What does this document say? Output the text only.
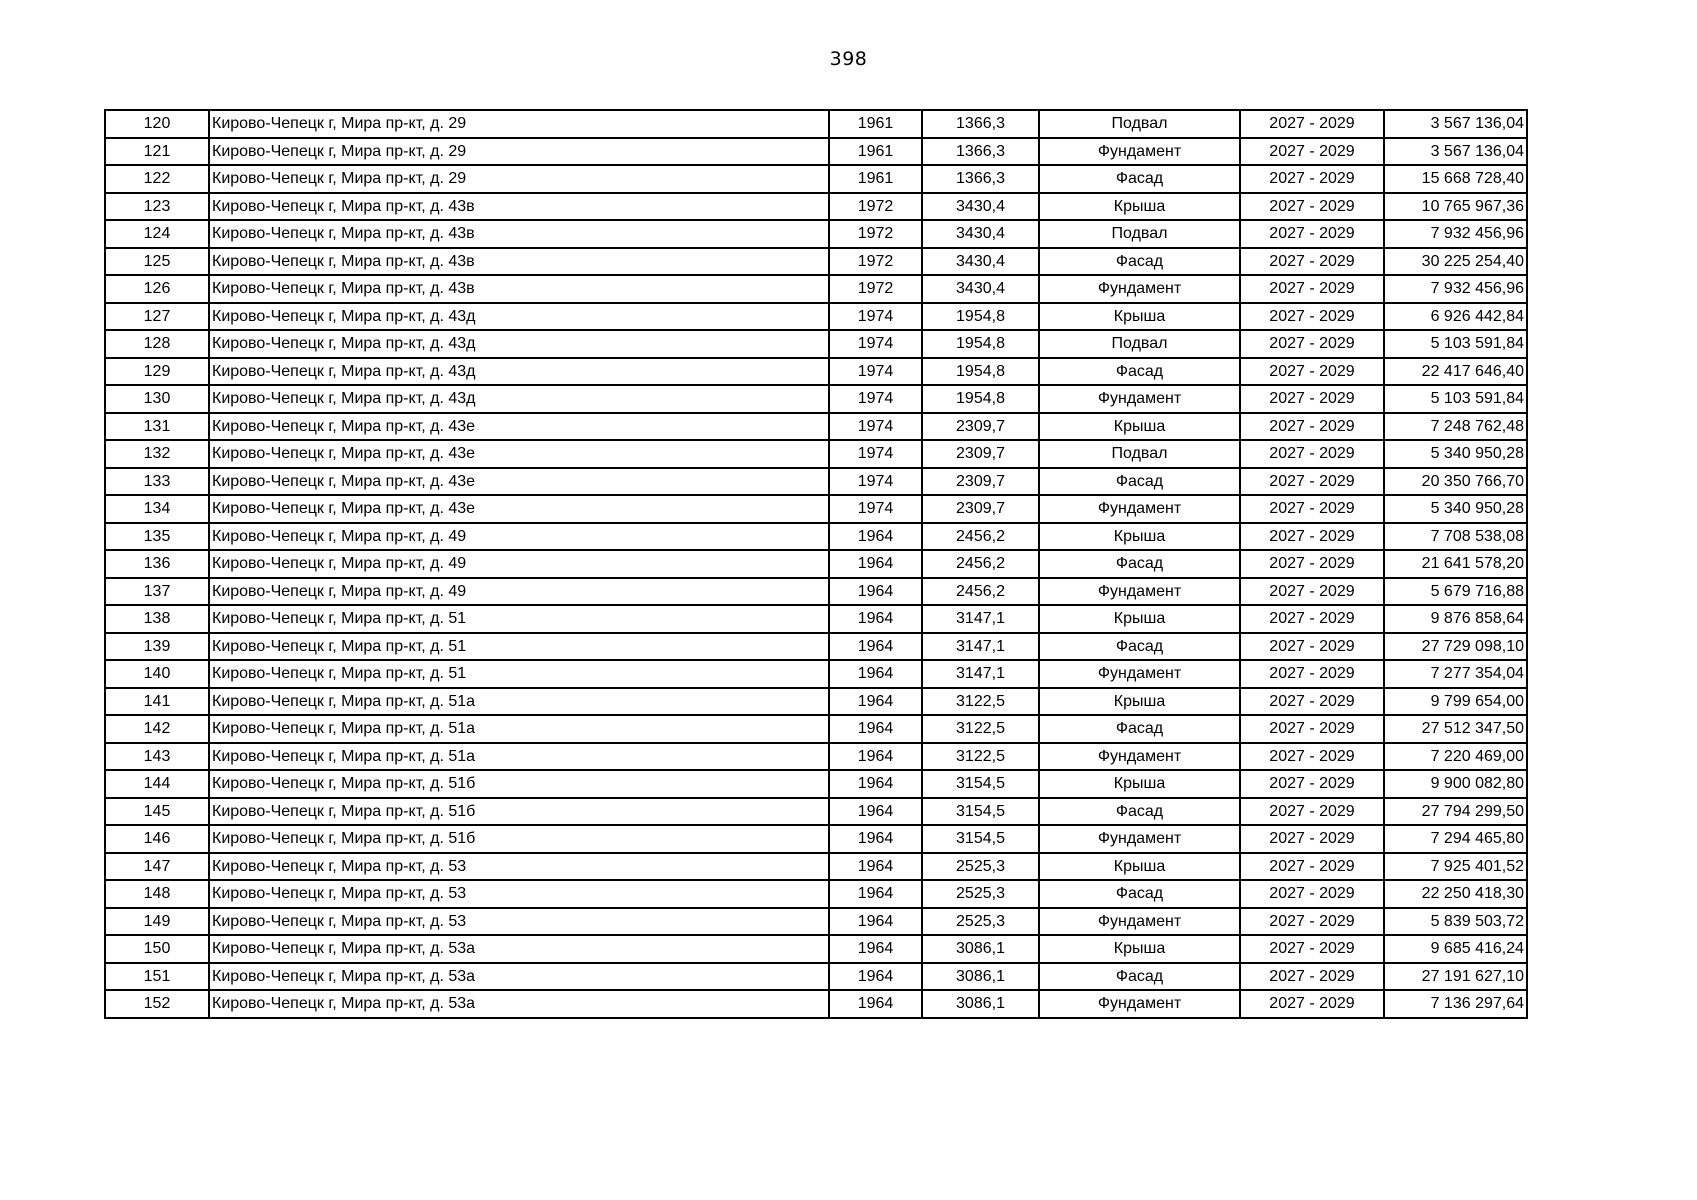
398
120	Кирово-Чепецк г, Мира пр-кт, д. 29	1961	1366,3	Подвал	2027 - 2029	3 567 136,04
121	Кирово-Чепецк г, Мира пр-кт, д. 29	1961	1366,3	Фундамент	2027 - 2029	3 567 136,04
122	Кирово-Чепецк г, Мира пр-кт, д. 29	1961	1366,3	Фасад	2027 - 2029	15 668 728,40
123	Кирово-Чепецк г, Мира пр-кт, д. 43в	1972	3430,4	Крыша	2027 - 2029	10 765 967,36
124	Кирово-Чепецк г, Мира пр-кт, д. 43в	1972	3430,4	Подвал	2027 - 2029	7 932 456,96
125	Кирово-Чепецк г, Мира пр-кт, д. 43в	1972	3430,4	Фасад	2027 - 2029	30 225 254,40
126	Кирово-Чепецк г, Мира пр-кт, д. 43в	1972	3430,4	Фундамент	2027 - 2029	7 932 456,96
127	Кирово-Чепецк г, Мира пр-кт, д. 43д	1974	1954,8	Крыша	2027 - 2029	6 926 442,84
128	Кирово-Чепецк г, Мира пр-кт, д. 43д	1974	1954,8	Подвал	2027 - 2029	5 103 591,84
129	Кирово-Чепецк г, Мира пр-кт, д. 43д	1974	1954,8	Фасад	2027 - 2029	22 417 646,40
130	Кирово-Чепецк г, Мира пр-кт, д. 43д	1974	1954,8	Фундамент	2027 - 2029	5 103 591,84
131	Кирово-Чепецк г, Мира пр-кт, д. 43е	1974	2309,7	Крыша	2027 - 2029	7 248 762,48
132	Кирово-Чепецк г, Мира пр-кт, д. 43е	1974	2309,7	Подвал	2027 - 2029	5 340 950,28
133	Кирово-Чепецк г, Мира пр-кт, д. 43е	1974	2309,7	Фасад	2027 - 2029	20 350 766,70
134	Кирово-Чепецк г, Мира пр-кт, д. 43е	1974	2309,7	Фундамент	2027 - 2029	5 340 950,28
135	Кирово-Чепецк г, Мира пр-кт, д. 49	1964	2456,2	Крыша	2027 - 2029	7 708 538,08
136	Кирово-Чепецк г, Мира пр-кт, д. 49	1964	2456,2	Фасад	2027 - 2029	21 641 578,20
137	Кирово-Чепецк г, Мира пр-кт, д. 49	1964	2456,2	Фундамент	2027 - 2029	5 679 716,88
138	Кирово-Чепецк г, Мира пр-кт, д. 51	1964	3147,1	Крыша	2027 - 2029	9 876 858,64
139	Кирово-Чепецк г, Мира пр-кт, д. 51	1964	3147,1	Фасад	2027 - 2029	27 729 098,10
140	Кирово-Чепецк г, Мира пр-кт, д. 51	1964	3147,1	Фундамент	2027 - 2029	7 277 354,04
141	Кирово-Чепецк г, Мира пр-кт, д. 51а	1964	3122,5	Крыша	2027 - 2029	9 799 654,00
142	Кирово-Чепецк г, Мира пр-кт, д. 51а	1964	3122,5	Фасад	2027 - 2029	27 512 347,50
143	Кирово-Чепецк г, Мира пр-кт, д. 51а	1964	3122,5	Фундамент	2027 - 2029	7 220 469,00
144	Кирово-Чепецк г, Мира пр-кт, д. 51б	1964	3154,5	Крыша	2027 - 2029	9 900 082,80
145	Кирово-Чепецк г, Мира пр-кт, д. 51б	1964	3154,5	Фасад	2027 - 2029	27 794 299,50
146	Кирово-Чепецк г, Мира пр-кт, д. 51б	1964	3154,5	Фундамент	2027 - 2029	7 294 465,80
147	Кирово-Чепецк г, Мира пр-кт, д. 53	1964	2525,3	Крыша	2027 - 2029	7 925 401,52
148	Кирово-Чепецк г, Мира пр-кт, д. 53	1964	2525,3	Фасад	2027 - 2029	22 250 418,30
149	Кирово-Чепецк г, Мира пр-кт, д. 53	1964	2525,3	Фундамент	2027 - 2029	5 839 503,72
150	Кирово-Чепецк г, Мира пр-кт, д. 53а	1964	3086,1	Крыша	2027 - 2029	9 685 416,24
151	Кирово-Чепецк г, Мира пр-кт, д. 53а	1964	3086,1	Фасад	2027 - 2029	27 191 627,10
152	Кирово-Чепецк г, Мира пр-кт, д. 53а	1964	3086,1	Фундамент	2027 - 2029	7 136 297,64
